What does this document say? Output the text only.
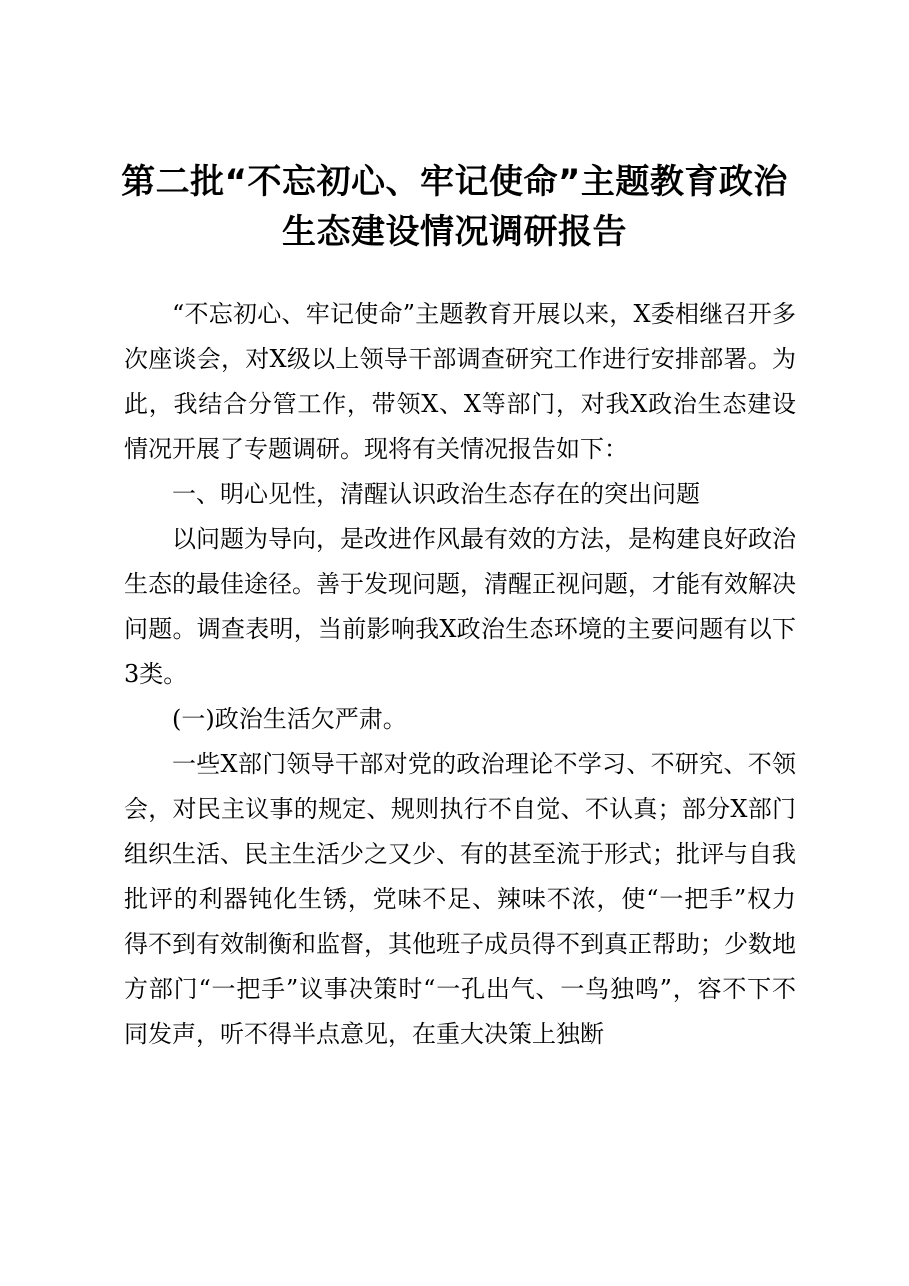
第二批“不忘初心、牢记使命”主题教育政治
生态建设情况调研报告

“不忘初心、牢记使命”主题教育开展以来，X委相继召开多次座谈会，对X级以上领导干部调查研究工作进行安排部署。为此，我结合分管工作，带领X、X等部门，对我X政治生态建设情况开展了专题调研。现将有关情况报告如下：

一、明心见性，清醒认识政治生态存在的突出问题

以问题为导向，是改进作风最有效的方法，是构建良好政治生态的最佳途径。善于发现问题，清醒正视问题，才能有效解决问题。调查表明，当前影响我X政治生态环境的主要问题有以下3类。

(一)政治生活欠严肃。

一些X部门领导干部对党的政治理论不学习、不研究、不领会，对民主议事的规定、规则执行不自觉、不认真；部分X部门组织生活、民主生活少之又少、有的甚至流于形式；批评与自我批评的利器钝化生锈，党味不足、辣味不浓，使“一把手”权力得不到有效制衡和监督，其他班子成员得不到真正帮助；少数地方部门“一把手”议事决策时“一孔出气、一鸟独鸣”，容不下不同发声，听不得半点意见，在重大决策上独断
